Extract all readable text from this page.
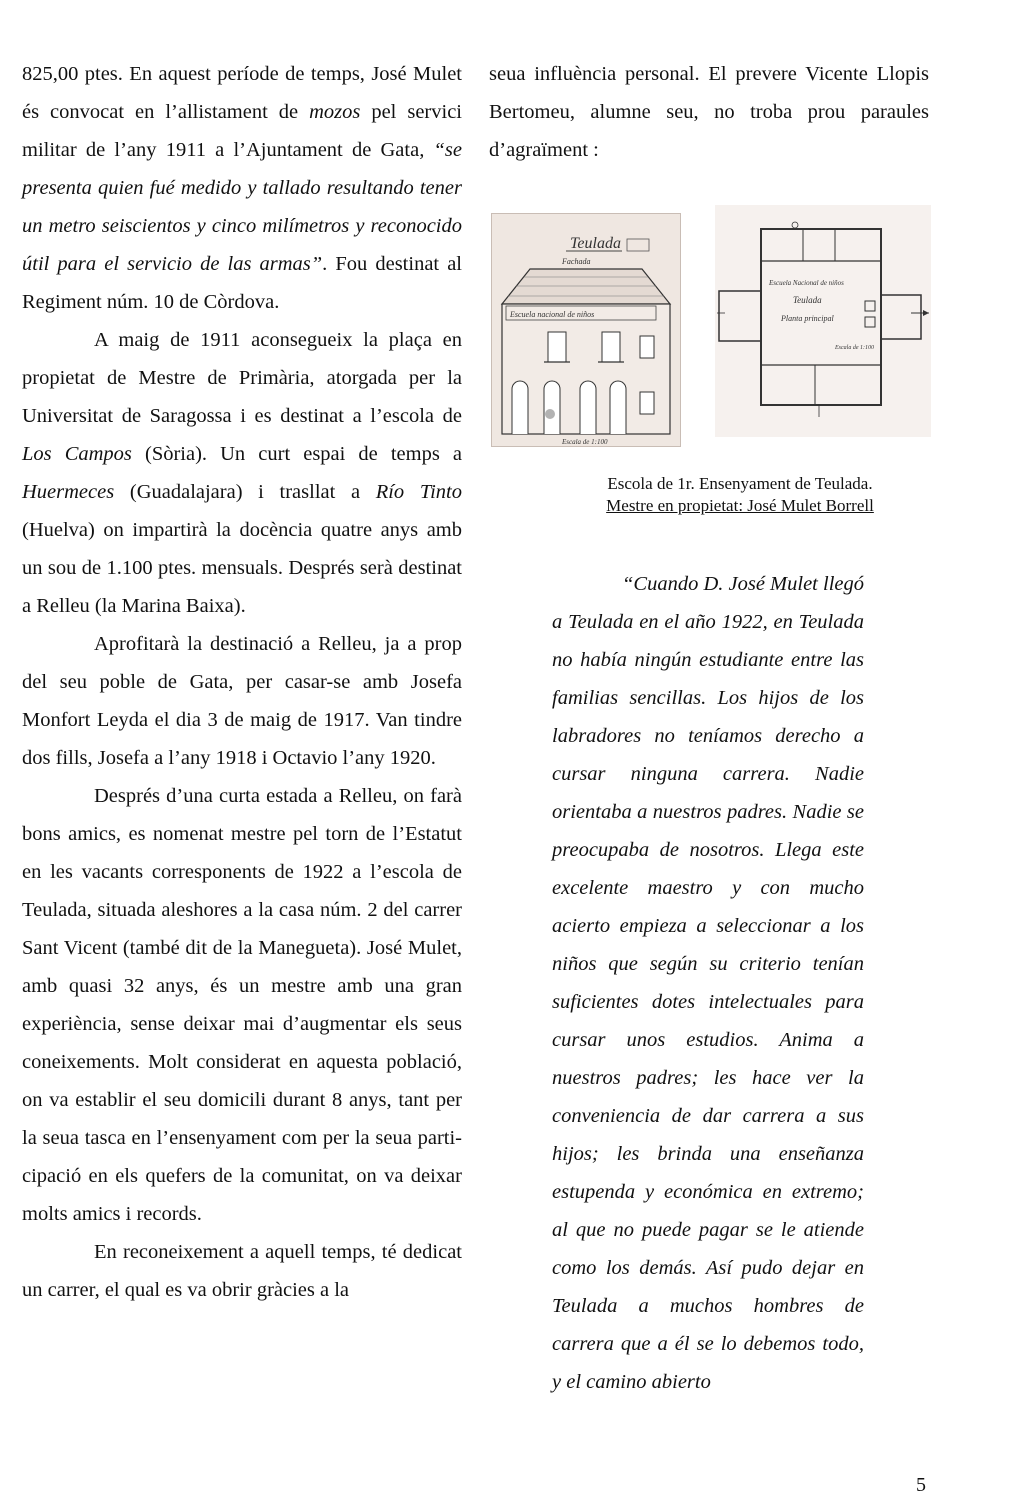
825,00 ptes. En aquest període de temps, José Mulet és convocat en l’allistament de mozos pel servici militar de l’any 1911 a l’Ajuntament de Gata, “se presenta quien fué medido y tallado resultando tener un metro seiscientos y cinco milímetros y reconocido útil para el servicio de las armas”. Fou destinat al Regiment núm. 10 de Còrdova.

A maig de 1911 aconsegueix la plaça en propietat de Mestre de Primària, atorgada per la Universitat de Saragossa i es destinat a l’escola de Los Campos (Sòria). Un curt espai de temps a Huermeces (Guadalajara) i trasllat a Río Tinto (Huelva) on impartirà la docència quatre anys amb un sou de 1.100 ptes. mensuals. Després serà destinat a Relleu (la Marina Baixa).

Aprofitarà la destinació a Relleu, ja a prop del seu poble de Gata, per casar-se amb Josefa Monfort Leyda el dia 3 de maig de 1917. Van tindre dos fills, Josefa a l’any 1918 i Octavio l’any 1920.

Després d’una curta estada a Relleu, on farà bons amics, es nomenat mestre pel torn de l’Estatut en les vacants corresponents de 1922 a l’escola de Teulada, situada aleshores a la casa núm. 2 del carrer Sant Vicent (també dit de la Manegueta). José Mulet, amb quasi 32 anys, és un mestre amb una gran experiència, sense deixar mai d’augmentar els seus coneixements. Molt considerat en aquesta població, on va establir el seu domicili durant 8 anys, tant per la seua tasca en l’ensenyament com per la seua participació en els quefers de la comunitat, on va deixar molts amics i records.

En reconeixement a aquell temps, té dedicat un carrer, el qual es va obrir gràcies a la

seua influència personal. El prevere Vicente Llopis Bertomeu, alumne seu, no troba prou paraules d’agraïment :

Teulada
Fachada
Escuela nacional de niños
Escala de 1:100
Escuela Nacional de niños
Teulada
Planta principal
Escala de 1:100
Escola de 1r. Ensenyament de Teulada.
Mestre en propietat: José Mulet Borrell

“Cuando D. José Mulet llegó a Teulada en el año 1922, en Teulada no había ningún estudiante entre las familias sencillas. Los hijos de los labradores no teníamos derecho a cursar ninguna carrera. Nadie orientaba a nuestros padres. Nadie se preocupaba de nosotros. Llega este excelente maestro y con mucho acierto empieza a seleccionar a los niños que según su criterio tenían suficientes dotes intelectuales para cursar unos estudios. Anima a nuestros padres; les hace ver la conveniencia de dar carrera a sus hijos; les brinda una enseñanza estupenda y económica en extremo; al que no puede pagar se le atiende como los demás. Así pudo dejar en Teulada a muchos hombres de carrera que a él se lo debemos todo, y el camino abierto

5
